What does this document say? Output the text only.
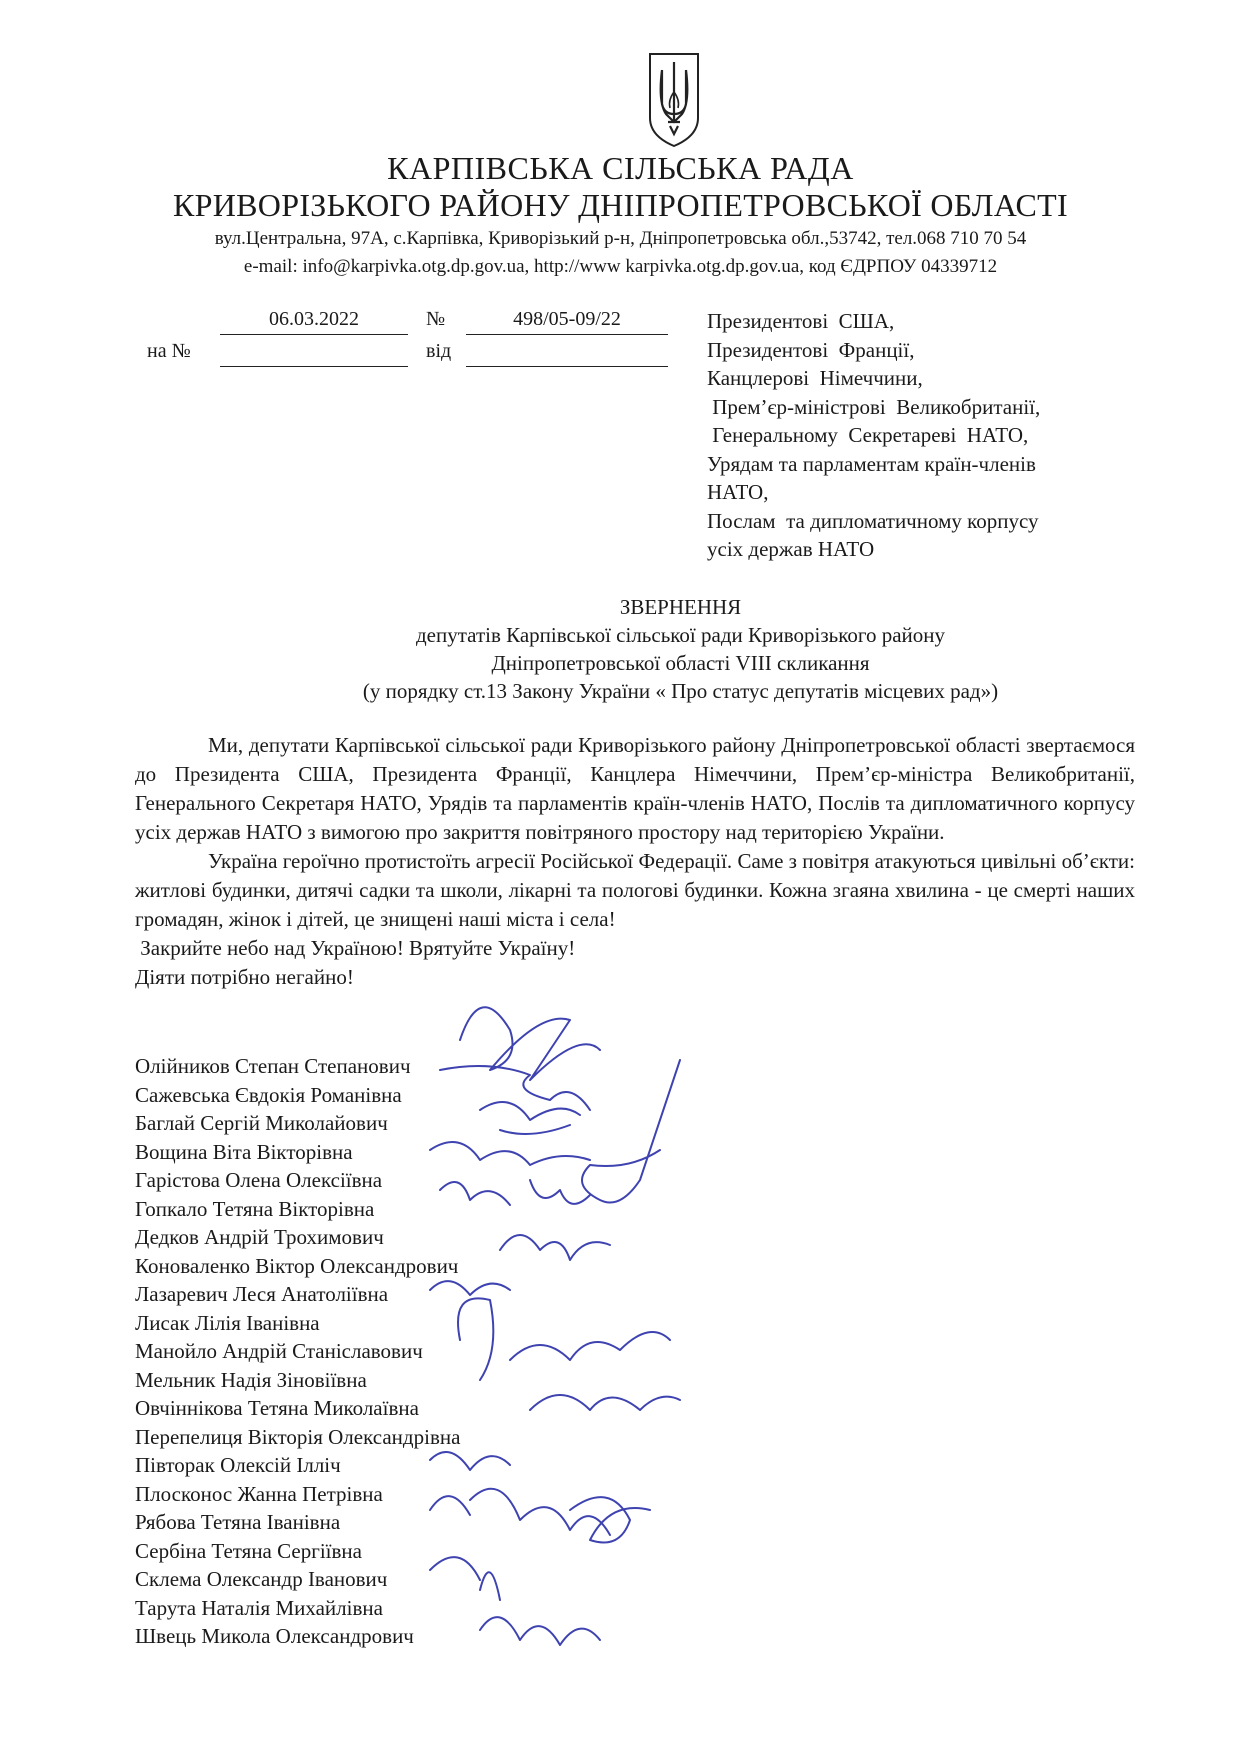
КАРПІВСЬКА СІЛЬСЬКА РАДА
КРИВОРІЗЬКОГО РАЙОНУ ДНІПРОПЕТРОВСЬКОЇ ОБЛАСТІ
вул.Центральна, 97А, с.Карпівка, Криворізький р-н, Дніпропетровська обл.,53742, тел.068 710 70 54
e-mail: info@karpivka.otg.dp.gov.ua, http://www karpivka.otg.dp.gov.ua, код ЄДРПОУ 04339712
06.03.2022	№	498/05-09/22
на №	від
Президентові  США,
Президентові  Франції,
Канцлерові  Німеччини,
Прем’єр-міністрові  Великобританії,
Генеральному  Секретареві  НАТО,
Урядам та парламентам країн-членів
НАТО,
Послам  та дипломатичному корпусу
усіх держав НАТО
ЗВЕРНЕННЯ
депутатів Карпівської сільської ради Криворізького району
Дніпропетровської області VIII скликання
(у порядку ст.13 Закону України « Про статус депутатів місцевих рад»)

Ми, депутати Карпівської сільської ради Криворізького району Дніпропетровської області звертаємося до Президента США, Президента Франції, Канцлера Німеччини, Прем’єр-міністра Великобританії, Генерального Секретаря НАТО, Урядів та парламентів країн-членів НАТО, Послів та дипломатичного корпусу усіх держав НАТО з вимогою про закриття повітряного простору над територією України.

Україна героїчно протистоїть агресії Російської Федерації. Саме з повітря атакуються цивільні об’єкти: житлові будинки, дитячі садки та школи, лікарні та пологові будинки. Кожна згаяна хвилина - це смерті наших громадян, жінок і дітей, це знищені наші міста і села!

Закрийте небо над Україною! Врятуйте Україну!

Діяти потрібно негайно!

Олійников Степан Степанович
Сажевська Євдокія Романівна
Баглай Сергій Миколайович
Вощина Віта Вікторівна
Гарістова Олена Олексіївна
Гопкало Тетяна Вікторівна
Дедков Андрій Трохимович
Коноваленко Віктор Олександрович
Лазаревич Леся Анатоліївна
Лисак Лілія Іванівна
Манойло Андрій Станіславович
Мельник Надія Зіновіївна
Овчіннікова Тетяна Миколаївна
Перепелиця Вікторія Олександрівна
Півторак Олексій Ілліч
Плосконос Жанна Петрівна
Рябова Тетяна Іванівна
Сербіна Тетяна Сергіївна
Склема Олександр Іванович
Тарута Наталія Михайлівна
Швець Микола Олександрович
